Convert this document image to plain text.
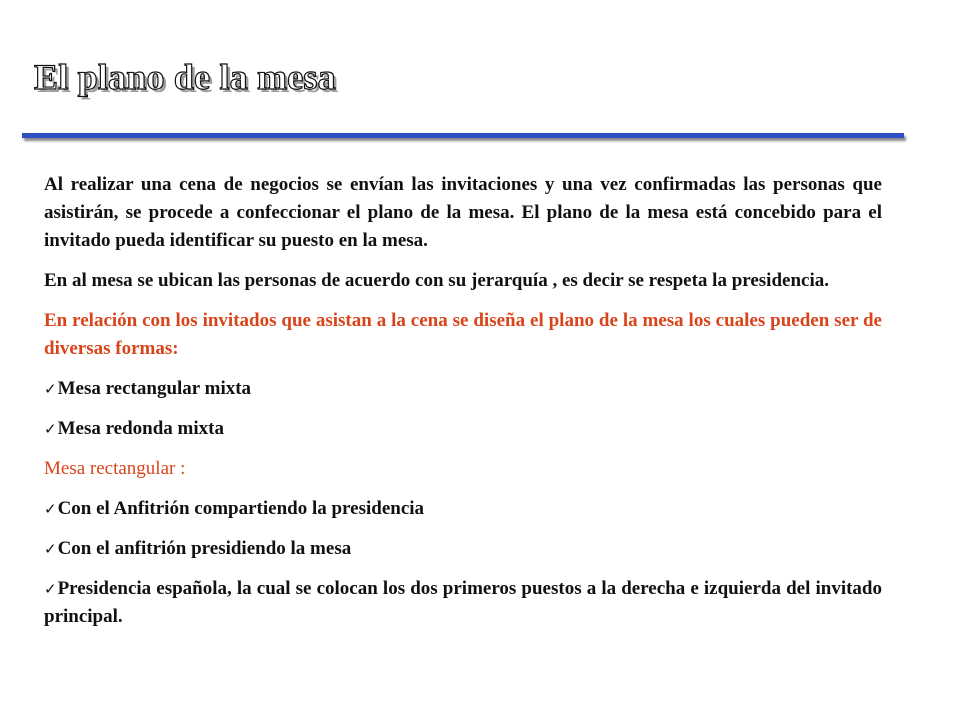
El plano de la mesa

Al realizar una cena de negocios se envían las invitaciones y una vez confirmadas las personas que asistirán, se procede a confeccionar el plano de la mesa. El plano de la mesa está concebido para el invitado pueda identificar su puesto en la mesa.

En al mesa se ubican las personas de acuerdo con su jerarquía , es decir se respeta la presidencia.

En relación con los invitados que asistan a la cena se diseña el plano de la mesa los cuales pueden ser de diversas formas:

✓Mesa rectangular mixta
✓Mesa redonda mixta
Mesa rectangular :
✓Con el Anfitrión compartiendo la presidencia
✓Con el anfitrión presidiendo la mesa
✓Presidencia española, la cual se colocan los dos primeros puestos a la derecha e izquierda del invitado principal.
